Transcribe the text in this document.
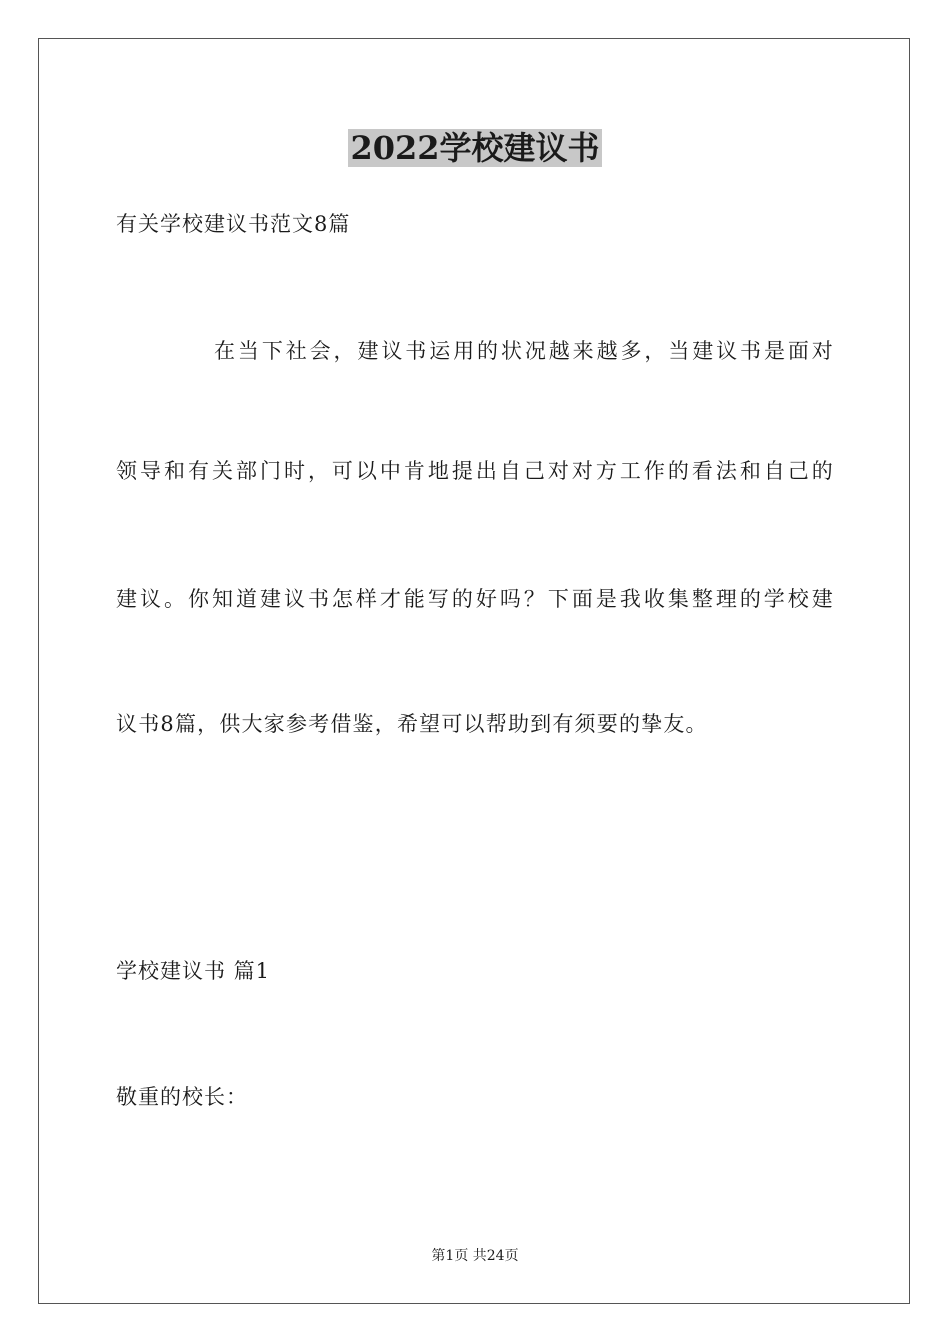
2022学校建议书
有关学校建议书范文8篇
在当下社会，建议书运用的状况越来越多，当建议书是面对
领导和有关部门时，可以中肯地提出自己对对方工作的看法和自己的
建议。你知道建议书怎样才能写的好吗？下面是我收集整理的学校建
议书8篇，供大家参考借鉴，希望可以帮助到有须要的挚友。
学校建议书 篇1
敬重的校长：
第1页 共24页
